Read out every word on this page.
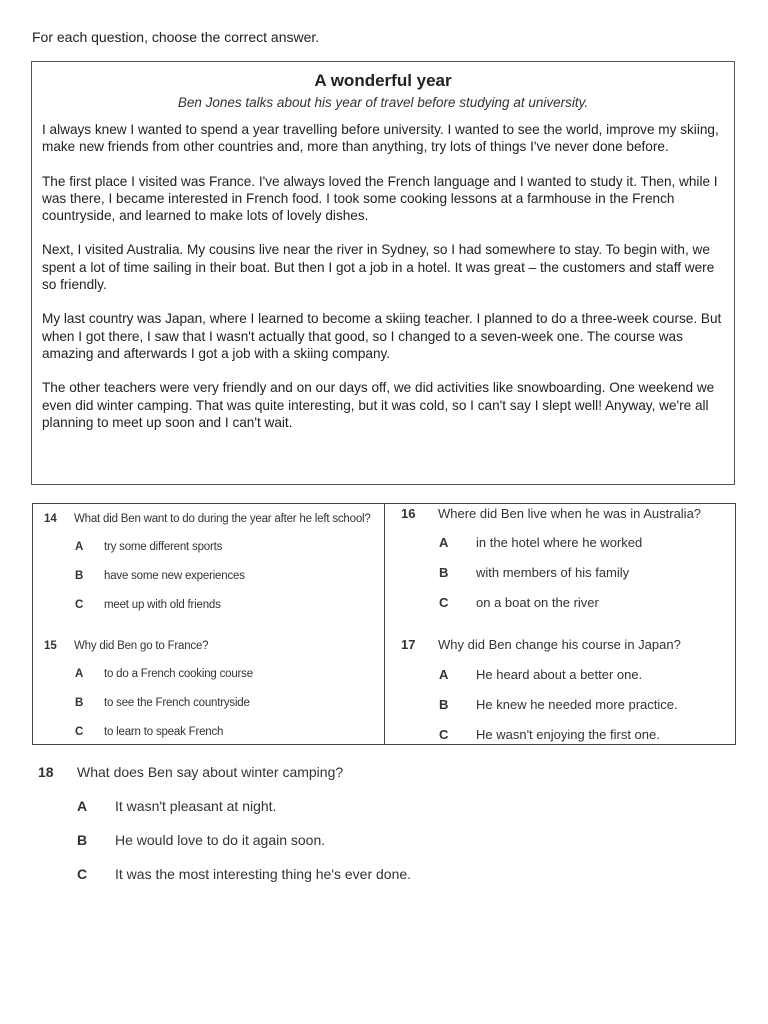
For each question, choose the correct answer.
A wonderful year

Ben Jones talks about his year of travel before studying at university.

I always knew I wanted to spend a year travelling before university. I wanted to see the world, improve my skiing, make new friends from other countries and, more than anything, try lots of things I've never done before.

The first place I visited was France. I've always loved the French language and I wanted to study it. Then, while I was there, I became interested in French food. I took some cooking lessons at a farmhouse in the French countryside, and learned to make lots of lovely dishes.

Next, I visited Australia. My cousins live near the river in Sydney, so I had somewhere to stay. To begin with, we spent a lot of time sailing in their boat. But then I got a job in a hotel. It was great – the customers and staff were so friendly.

My last country was Japan, where I learned to become a skiing teacher. I planned to do a three-week course. But when I got there, I saw that I wasn't actually that good, so I changed to a seven-week one. The course was amazing and afterwards I got a job with a skiing company.

The other teachers were very friendly and on our days off, we did activities like snowboarding. One weekend we even did winter camping. That was quite interesting, but it was cold, so I can't say I slept well! Anyway, we're all planning to meet up soon and I can't wait.

14 What did Ben want to do during the year after he left school?
A try some different sports
B have some new experiences
C meet up with old friends
15 Why did Ben go to France?
A to do a French cooking course
B to see the French countryside
C to learn to speak French
16 Where did Ben live when he was in Australia?
A in the hotel where he worked
B with members of his family
C on a boat on the river
17 Why did Ben change his course in Japan?
A He heard about a better one.
B He knew he needed more practice.
C He wasn't enjoying the first one.
18 What does Ben say about winter camping?
A It wasn't pleasant at night.
B He would love to do it again soon.
C It was the most interesting thing he's ever done.
